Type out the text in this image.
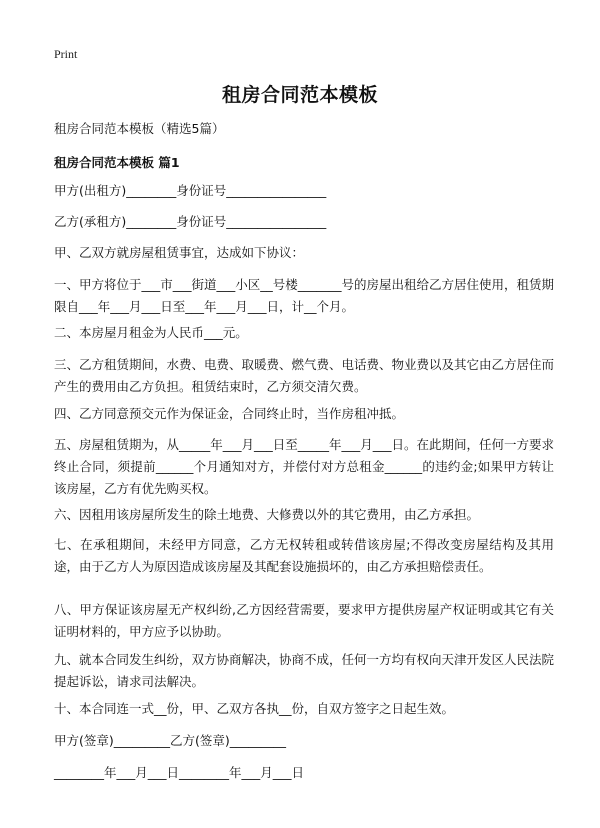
Print
租房合同范本模板
租房合同范本模板（精选5篇）
租房合同范本模板 篇1
甲方(出租方)________身份证号________________
乙方(承租方)________身份证号________________
甲、乙双方就房屋租赁事宜，达成如下协议：
一、甲方将位于___市___街道___小区__号楼_______号的房屋出租给乙方居住使用，租赁期限自___年___月___日至___年___月___日，计__个月。
二、本房屋月租金为人民币___元。
三、乙方租赁期间，水费、电费、取暖费、燃气费、电话费、物业费以及其它由乙方居住而产生的费用由乙方负担。租赁结束时，乙方须交清欠费。
四、乙方同意预交元作为保证金，合同终止时，当作房租冲抵。
五、房屋租赁期为，从_____年___月___日至_____年___月___日。在此期间，任何一方要求终止合同，须提前______个月通知对方，并偿付对方总租金______的违约金;如果甲方转让该房屋，乙方有优先购买权。
六、因租用该房屋所发生的除土地费、大修费以外的其它费用，由乙方承担。
七、在承租期间，未经甲方同意，乙方无权转租或转借该房屋;不得改变房屋结构及其用途，由于乙方人为原因造成该房屋及其配套设施损坏的，由乙方承担赔偿责任。
八、甲方保证该房屋无产权纠纷,乙方因经营需要，要求甲方提供房屋产权证明或其它有关证明材料的，甲方应予以协助。
九、就本合同发生纠纷，双方协商解决，协商不成，任何一方均有权向天津开发区人民法院提起诉讼，请求司法解决。
十、本合同连一式__份，甲、乙双方各执__份，自双方签字之日起生效。
甲方(签章)_________乙方(签章)_________
________年___月___日________年___月___日
